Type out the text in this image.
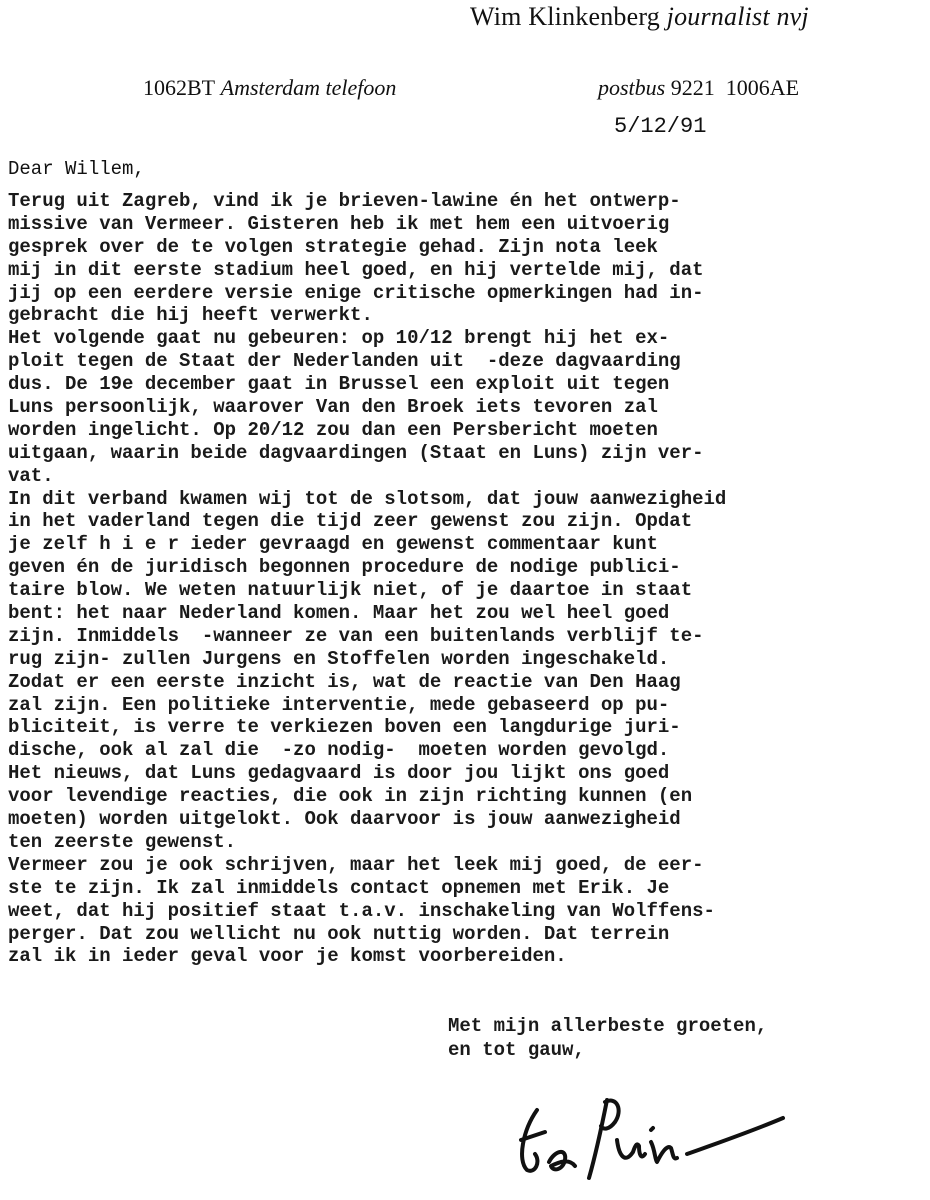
Wim Klinkenberg journalist nvj
1062BT Amsterdam telefoon	postbus 9221 1006AE
5/12/91
Dear Willem,
Terug uit Zagreb, vind ik je brieven-lawine én het ontwerp-
missive van Vermeer. Gisteren heb ik met hem een uitvoerig
gesprek over de te volgen strategie gehad. Zijn nota leek
mij in dit eerste stadium heel goed, en hij vertelde mij, dat
jij op een eerdere versie enige critische opmerkingen had in-
gebracht die hij heeft verwerkt.
Het volgende gaat nu gebeuren: op 10/12 brengt hij het ex-
ploit tegen de Staat der Nederlanden uit  -deze dagvaarding
dus. De 19e december gaat in Brussel een exploit uit tegen
Luns persoonlijk, waarover Van den Broek iets tevoren zal
worden ingelicht. Op 20/12 zou dan een Persbericht moeten
uitgaan, waarin beide dagvaardingen (Staat en Luns) zijn ver-
vat.
In dit verband kwamen wij tot de slotsom, dat jouw aanwezigheid
in het vaderland tegen die tijd zeer gewenst zou zijn. Opdat
je zelf h i e r ieder gevraagd en gewenst commentaar kunt
geven én de juridisch begonnen procedure de nodige publici-
taire blow. We weten natuurlijk niet, of je daartoe in staat
bent: het naar Nederland komen. Maar het zou wel heel goed
zijn. Inmiddels  -wanneer ze van een buitenlands verblijf te-
rug zijn- zullen Jurgens en Stoffelen worden ingeschakeld.
Zodat er een eerste inzicht is, wat de reactie van Den Haag
zal zijn. Een politieke interventie, mede gebaseerd op pu-
bliciteit, is verre te verkiezen boven een langdurige juri-
dische, ook al zal die  -zo nodig-  moeten worden gevolgd.
Het nieuws, dat Luns gedagvaard is door jou lijkt ons goed
voor levendige reacties, die ook in zijn richting kunnen (en
moeten) worden uitgelokt. Ook daarvoor is jouw aanwezigheid
ten zeerste gewenst.
Vermeer zou je ook schrijven, maar het leek mij goed, de eer-
ste te zijn. Ik zal inmiddels contact opnemen met Erik. Je
weet, dat hij positief staat t.a.v. inschakeling van Wolffens-
perger. Dat zou wellicht nu ook nuttig worden. Dat terrein
zal ik in ieder geval voor je komst voorbereiden.
Met mijn allerbeste groeten,
en tot gauw,
